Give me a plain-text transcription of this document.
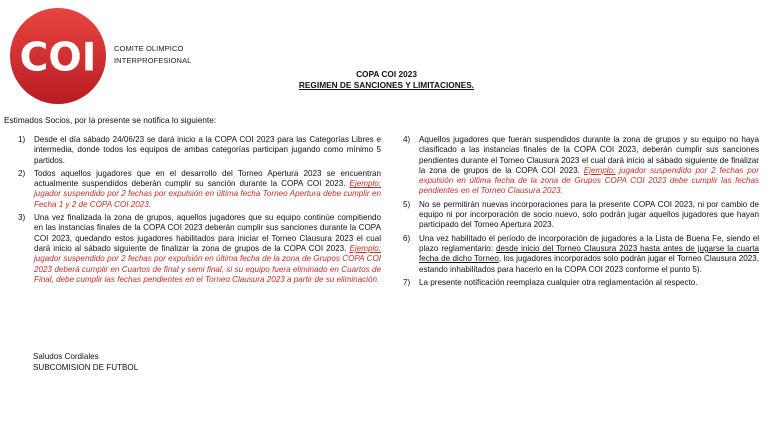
COI COMITE OLIMPICO
INTERPROFESIONAL
COPA COI 2023
REGIMEN DE SANCIONES Y LIMITACIONES.
Estimados Socios, por la presente se notifica lo siguiente:
1) Desde el día sábado 24/06/23 se dará inicio a la COPA COI 2023 para las Categorías Libres e intermedia, donde todos los equipos de ambas categorías participan jugando como mínimo 5 partidos.
2) Todos aquellos jugadores que en el desarrollo del Torneo Apertura 2023 se encuentran actualmente suspendidos deberán cumplir su sanción durante la COPA COI 2023. Ejemplo: jugador suspendido por 2 fechas por expulsión en última fecha Torneo Apertura debe cumplir en Fecha 1 y 2 de COPA COI 2023.
3) Una vez finalizada la zona de grupos, aquellos jugadores que su equipo continúe compitiendo en las instancias finales de la COPA COI 2023 deberán cumplir sus sanciones durante la COPA COI 2023, quedando estos jugadores habilitados para iniciar el Torneo Clausura 2023 el cual dará inicio al sábado siguiente de finalizar la zona de grupos de la COPA COI 2023. Ejemplo: jugador suspendido por 2 fechas por expulsión en última fecha de la zona de Grupos COPA COI 2023 deberá cumplir en Cuartos de final y semi final, si su equipo fuera eliminado en Cuartos de Final, debe cumplir las fechas pendientes en el Torneo Clausura 2023 a partir de su eliminación.
4) Aquellos jugadores que fueran suspendidos durante la zona de grupos y su equipo no haya clasificado a las instancias finales de la COPA COI 2023, deberán cumplir sus sanciones pendientes durante el Torneo Clausura 2023 el cual dará inicio al sábado siguiente de finalizar la zona de grupos de la COPA COI 2023. Ejemplo: jugador suspendido por 2 fechas por expulsión en última fecha de la zona de Grupos COPA COI 2023 debe cumplir las fechas pendientes en el Torneo Clausura 2023.
5) No se permitirán nuevas incorporaciones para la presente COPA COI 2023, ni por cambio de equipo ni por incorporación de socio nuevo, solo podrán jugar aquellos jugadores que hayan participado del Torneo Apertura 2023.
6) Una vez habilitado el período de incorporación de jugadores a la Lista de Buena Fe, siendo el plazo reglamentario: desde inicio del Torneo Clausura 2023 hasta antes de jugarse la cuarta fecha de dicho Torneo, los jugadores incorporados solo podrán jugar el Torneo Clausura 2023, estando inhabilitados para hacerlo en la COPA COI 2023 conforme el punto 5).
7) La presente notificación reemplaza cualquier otra reglamentación al respecto.
Saludos Cordiales
SUBCOMISION DE FUTBOL
